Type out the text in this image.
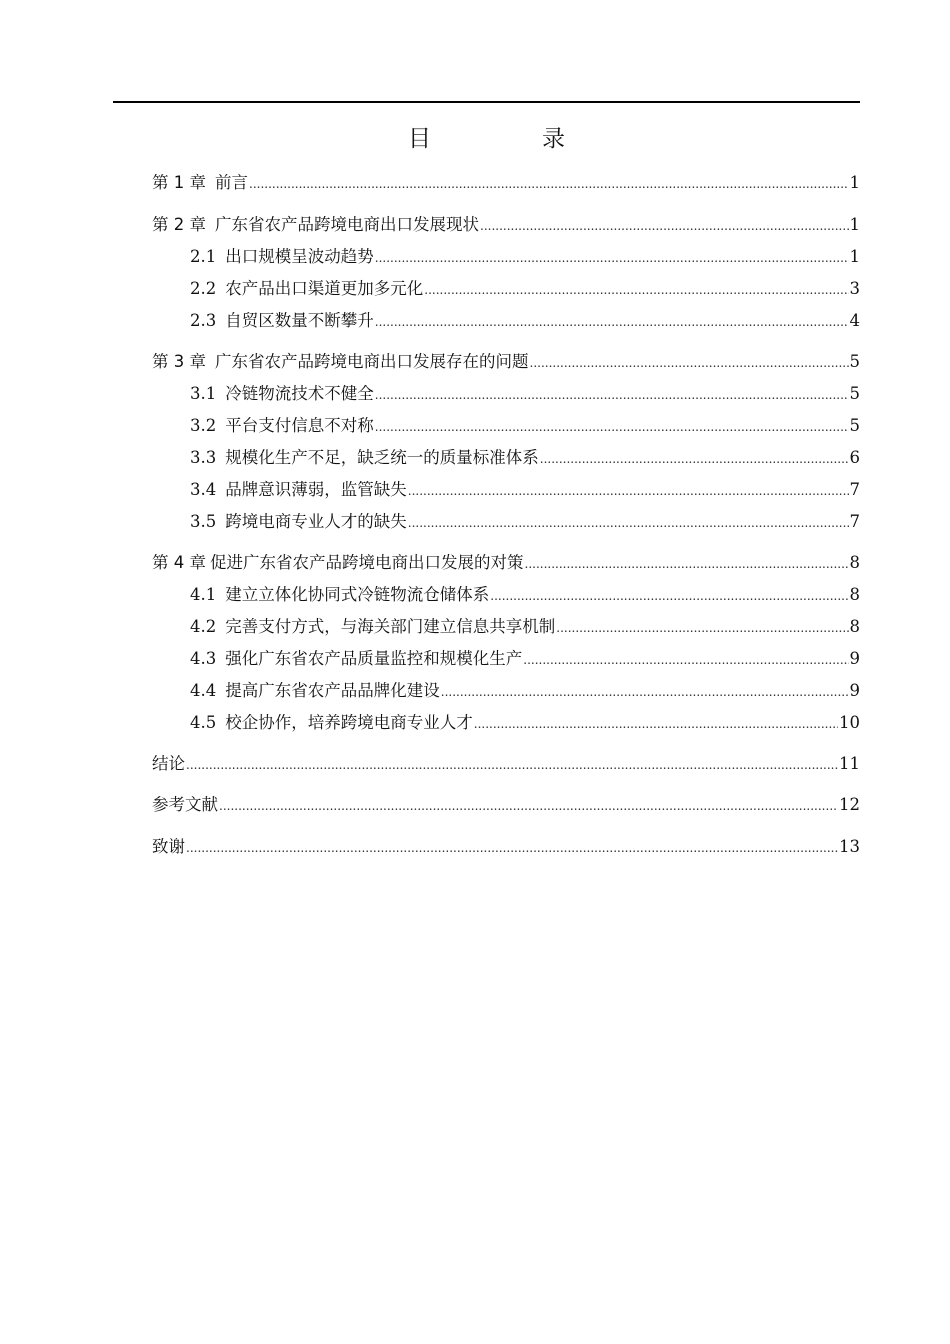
目　录
第 1 章 前言 .....	1
第 2 章 广东省农产品跨境电商出口发展现状 .....	1
2.1 出口规模呈波动趋势 .....	1
2.2 农产品出口渠道更加多元化 .....	3
2.3 自贸区数量不断攀升 .....	4
第 3 章 广东省农产品跨境电商出口发展存在的问题 .....	5
3.1 冷链物流技术不健全 .....	5
3.2 平台支付信息不对称 .....	5
3.3 规模化生产不足，缺乏统一的质量标准体系 .....	6
3.4 品牌意识薄弱，监管缺失 .....	7
3.5 跨境电商专业人才的缺失 .....	7
第 4 章 促进广东省农产品跨境电商出口发展的对策 .....	8
4.1 建立立体化协同式冷链物流仓储体系 .....	8
4.2 完善支付方式，与海关部门建立信息共享机制 .....	8
4.3 强化广东省农产品质量监控和规模化生产 .....	9
4.4 提高广东省农产品品牌化建设 .....	9
4.5 校企协作，培养跨境电商专业人才 .....	10
结论 .....	11
参考文献 .....	12
致谢 .....	13
